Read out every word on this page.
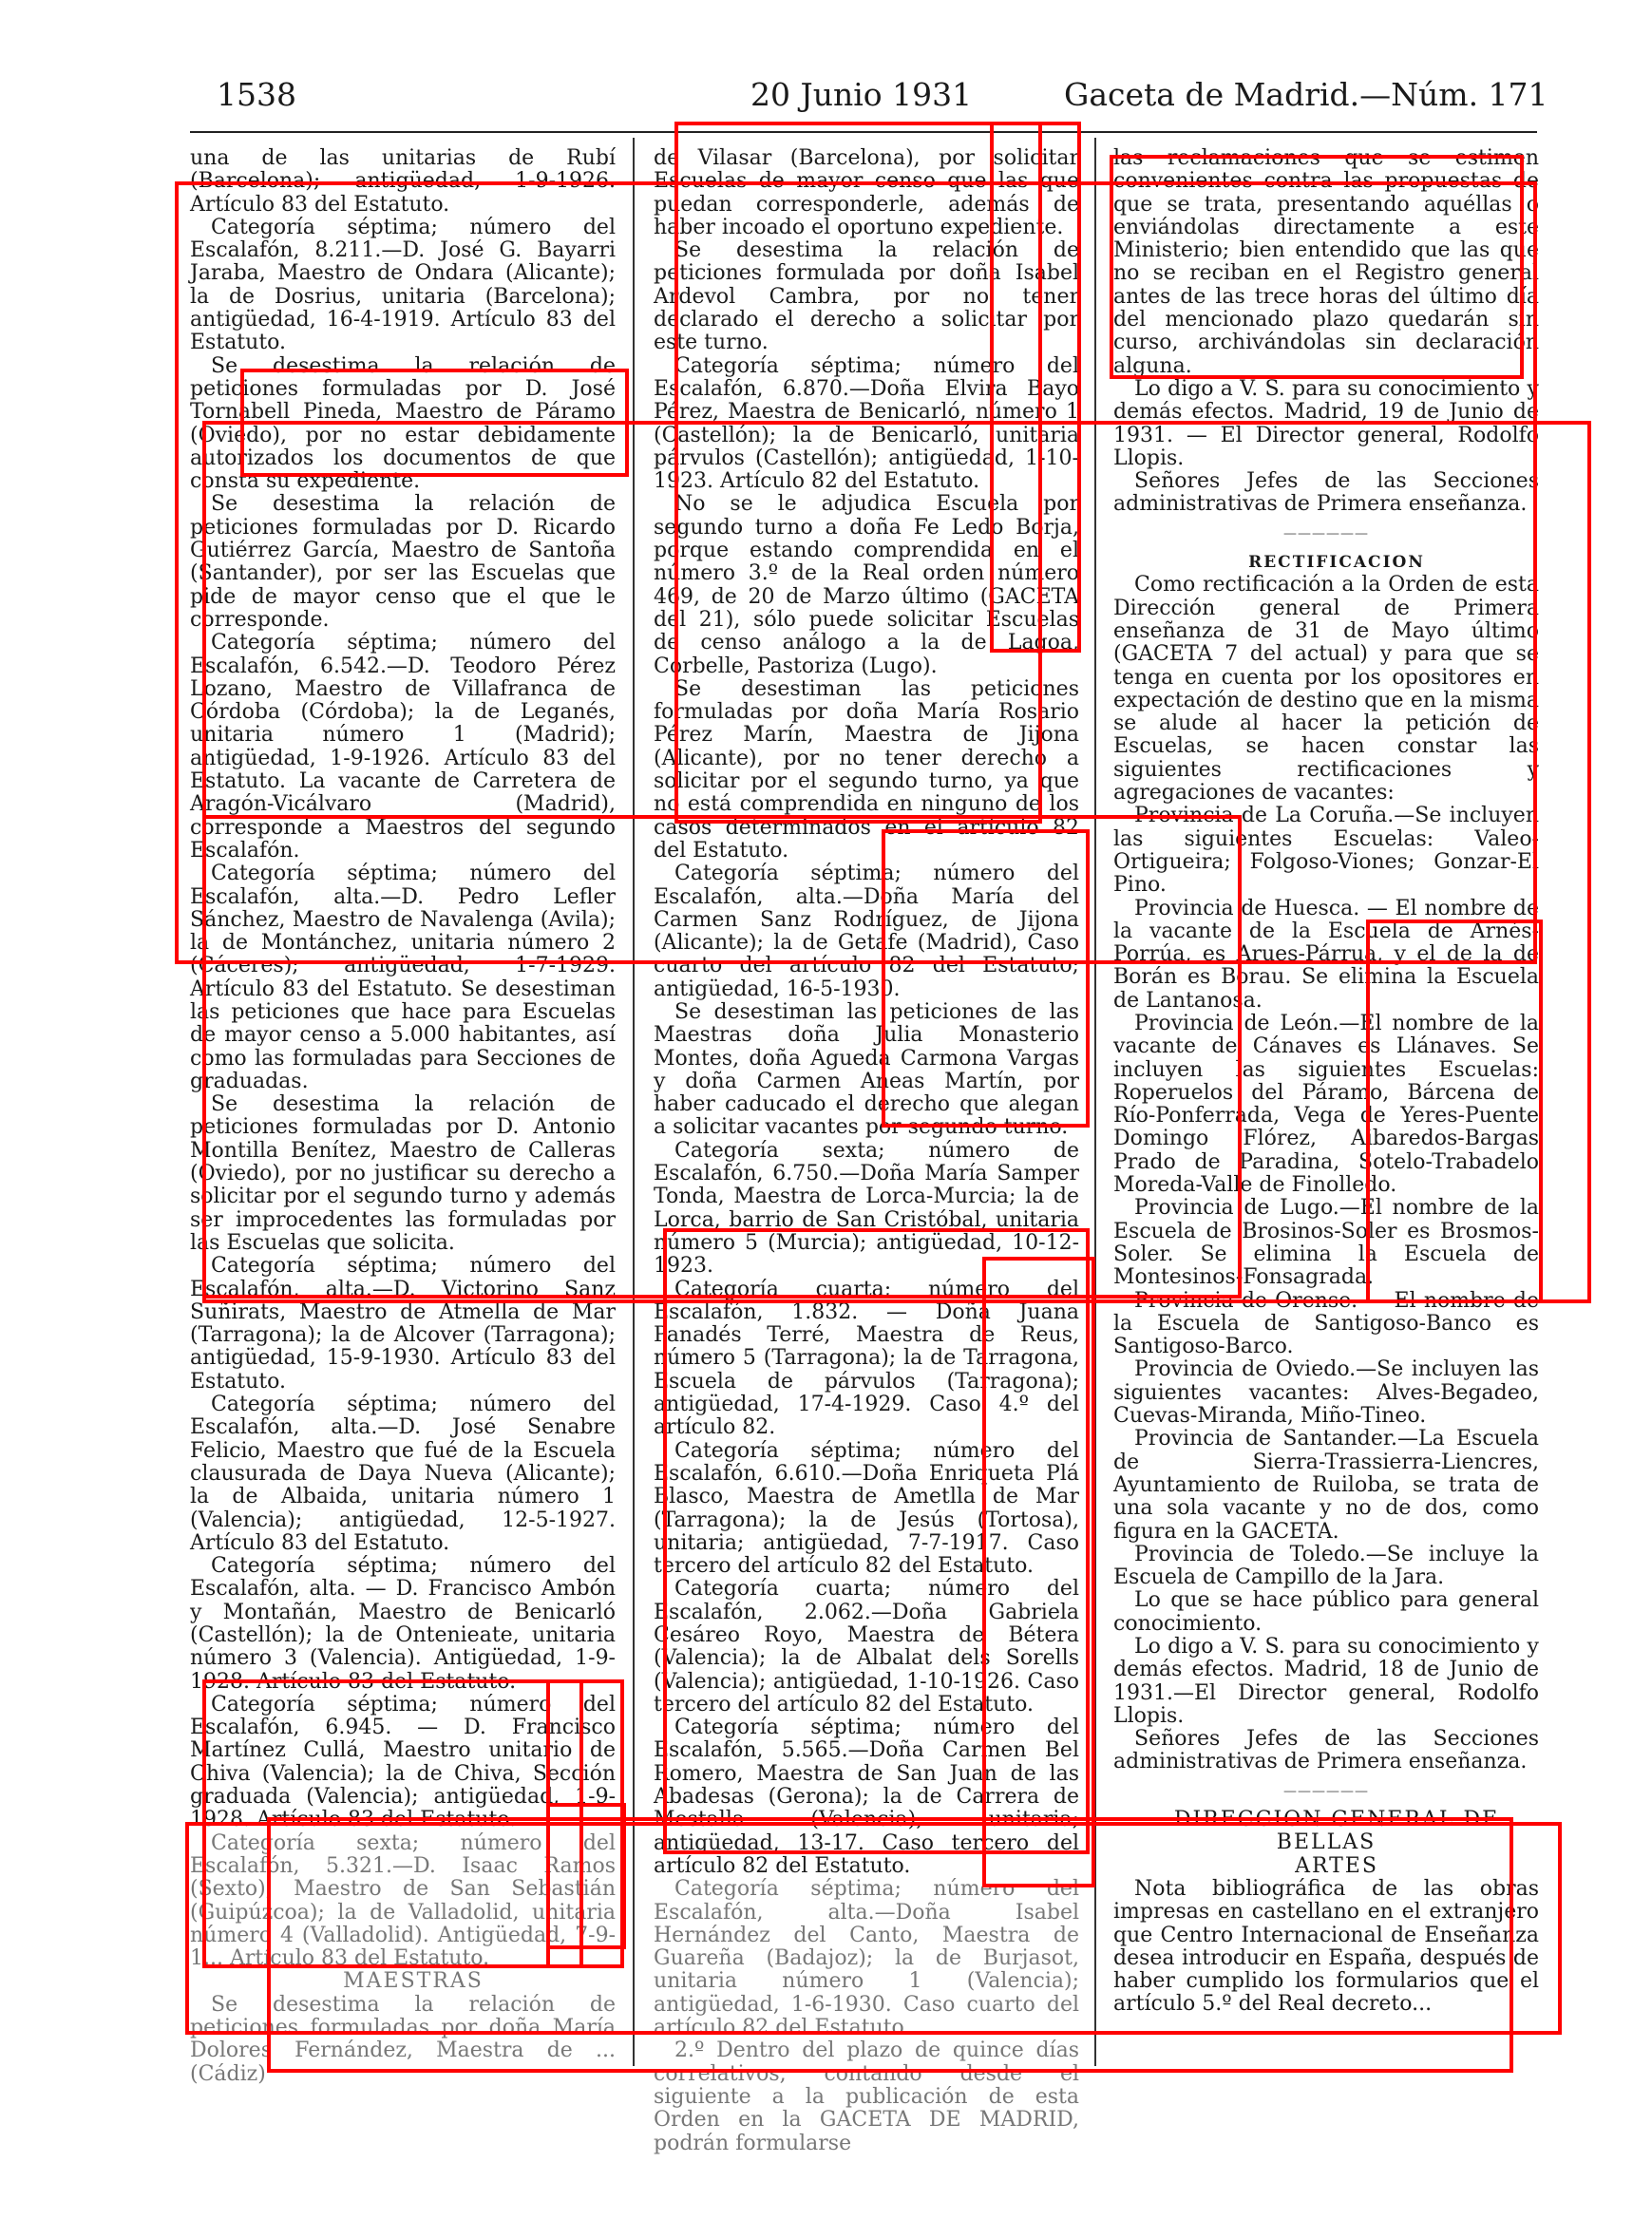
1538	20 Junio 1931	Gaceta de Madrid.—Núm. 171

una de las unitarias de Rubí (Barcelona); antigüedad, 1-9-1926. Artículo 83 del Estatuto.

Categoría séptima; número del Escalafón, 8.211.—D. José G. Bayarri Jaraba, Maestro de Ondara (Alicante); la de Dosrius, unitaria (Barcelona); antigüedad, 16-4-1919. Artículo 83 del Estatuto.

Se desestima la relación de peticiones formuladas por D. José Tornabell Pineda, Maestro de Páramo (Oviedo), por no estar debidamente autorizados los documentos de que consta su expediente.

Se desestima la relación de peticiones formuladas por D. Ricardo Gutiérrez García, Maestro de Santoña (Santander), por ser las Escuelas que pide de mayor censo que el que le corresponde.

Categoría séptima; número del Escalafón, 6.542.—D. Teodoro Pérez Lozano, Maestro de Villafranca de Córdoba (Córdoba); la de Leganés, unitaria número 1 (Madrid); antigüedad, 1-9-1926. Artículo 83 del Estatuto. La vacante de Carretera de Aragón-Vicálvaro (Madrid), corresponde a Maestros del segundo Escalafón.

Categoría séptima; número del Escalafón, alta.—D. Pedro Lefler Sánchez, Maestro de Navalenga (Avila); la de Montánchez, unitaria número 2 (Cáceres); antigüedad, 1-7-1929. Artículo 83 del Estatuto. Se desestiman las peticiones que hace para Escuelas de mayor censo a 5.000 habitantes, así como las formuladas para Secciones de graduadas.

Se desestima la relación de peticiones formuladas por D. Antonio Montilla Benítez, Maestro de Calleras (Oviedo), por no justificar su derecho a solicitar por el segundo turno y además ser improcedentes las formuladas por las Escuelas que solicita.

Categoría séptima; número del Escalafón, alta.—D. Victorino Sanz Suñirats, Maestro de Atmella de Mar (Tarragona); la de Alcover (Tarragona); antigüedad, 15-9-1930. Artículo 83 del Estatuto.

Categoría séptima; número del Escalafón, alta.—D. José Senabre Felicio, Maestro que fué de la Escuela clausurada de Daya Nueva (Alicante); la de Albaida, unitaria número 1 (Valencia); antigüedad, 12-5-1927. Artículo 83 del Estatuto.

Categoría séptima; número del Escalafón, alta. — D. Francisco Ambón y Montañán, Maestro de Benicarló (Castellón); la de Ontenieate, unitaria número 3 (Valencia). Antigüedad, 1-9-1928. Artículo 83 del Estatuto.

Categoría séptima; número del Escalafón, 6.945. — D. Francisco Martínez Cullá, Maestro unitario de Chiva (Valencia); la de Chiva, Sección graduada (Valencia); antigüedad, 1-9-1928. Artículo 83 del Estatuto.

Categoría sexta; número del Escalafón, 5.321.—D. Isaac Ramos (Sexto), Maestro de San Sebastián (Guipúzcoa); la de Valladolid, unitaria número 4 (Valladolid). Antigüedad, 7-9-1... Artículo 83 del Estatuto.

MAESTRAS

Se desestima la relación de peticiones formuladas por doña María Dolores Fernández, Maestra de ... (Cádiz)

de Vilasar (Barcelona), por solicitar Escuelas de mayor censo que las que puedan corresponderle, además de haber incoado el oportuno expediente.

Se desestima la relación de peticiones formulada por doña Isabel Ardevol Cambra, por no tener declarado el derecho a solicitar por este turno.

Categoría séptima; número del Escalafón, 6.870.—Doña Elvira Bayo Pérez, Maestra de Benicarló, número 1 (Castellón); la de Benicarló, unitaria párvulos (Castellón); antigüedad, 1-10-1923. Artículo 82 del Estatuto.

No se le adjudica Escuela por segundo turno a doña Fe Ledo Borja, porque estando comprendida en el número 3.º de la Real orden número 469, de 20 de Marzo último (GACETA del 21), sólo puede solicitar Escuelas de censo análogo a la de Lagoa, Corbelle, Pastoriza (Lugo).

Se desestiman las peticiones formuladas por doña María Rosario Pérez Marín, Maestra de Jijona (Alicante), por no tener derecho a solicitar por el segundo turno, ya que no está comprendida en ninguno de los casos determinados en el artículo 82 del Estatuto.

Categoría séptima; número del Escalafón, alta.—Doña María del Carmen Sanz Rodríguez, de Jijona (Alicante); la de Getafe (Madrid), Caso cuarto del artículo 82 del Estatuto; antigüedad, 16-5-1930.

Se desestiman las peticiones de las Maestras doña Julia Monasterio Montes, doña Agueda Carmona Vargas y doña Carmen Aneas Martín, por haber caducado el derecho que alegan a solicitar vacantes por segundo turno.

Categoría sexta; número de Escalafón, 6.750.—Doña María Samper Tonda, Maestra de Lorca-Murcia; la de Lorca, barrio de San Cristóbal, unitaria número 5 (Murcia); antigüedad, 10-12-1923.

Categoría cuarta; número del Escalafón, 1.832. — Doña Juana Panadés Terré, Maestra de Reus, número 5 (Tarragona); la de Tarragona, Escuela de párvulos (Tarragona); antigüedad, 17-4-1929. Caso 4.º del artículo 82.

Categoría séptima; número del Escalafón, 6.610.—Doña Enriqueta Plá Blasco, Maestra de Ametlla de Mar (Tarragona); la de Jesús (Tortosa), unitaria; antigüedad, 7-7-1917. Caso tercero del artículo 82 del Estatuto.

Categoría cuarta; número del Escalafón, 2.062.—Doña Gabriela Cesáreo Royo, Maestra de Bétera (Valencia); la de Albalat dels Sorells (Valencia); antigüedad, 1-10-1926. Caso tercero del artículo 82 del Estatuto.

Categoría séptima; número del Escalafón, 5.565.—Doña Carmen Bel Romero, Maestra de San Juan de las Abadesas (Gerona); la de Carrera de Mestalla (Valencia), unitaria; antigüedad, 13-17. Caso tercero del artículo 82 del Estatuto.

Categoría séptima; número del Escalafón, alta.—Doña Isabel Hernández del Canto, Maestra de Guareña (Badajoz); la de Burjasot, unitaria número 1 (Valencia); antigüedad, 1-6-1930. Caso cuarto del artículo 82 del Estatuto.

2.º Dentro del plazo de quince días correlativos, contando desde el siguiente a la publicación de esta Orden en la GACETA DE MADRID, podrán formularse

las reclamaciones que se estimen convenientes contra las propuestas de que se trata, presentando aquéllas o enviándolas directamente a este Ministerio; bien entendido que las que no se reciban en el Registro general antes de las trece horas del último día del mencionado plazo quedarán sin curso, archivándolas sin declaración alguna.

Lo digo a V. S. para su conocimiento y demás efectos. Madrid, 19 de Junio de 1931. — El Director general, Rodolfo Llopis.

Señores Jefes de las Secciones administrativas de Primera enseñanza.

——————

RECTIFICACION

Como rectificación a la Orden de esta Dirección general de Primera enseñanza de 31 de Mayo último (GACETA 7 del actual) y para que se tenga en cuenta por los opositores en expectación de destino que en la misma se alude al hacer la petición de Escuelas, se hacen constar las siguientes rectificaciones y agregaciones de vacantes:

Provincia de La Coruña.—Se incluyen las siguientes Escuelas: Valeo-Ortigueira; Folgoso-Viones; Gonzar-El Pino.

Provincia de Huesca. — El nombre de la vacante de la Escuela de Arnés-Porrúa, es Arues-Párrua, y el de la de Borán es Borau. Se elimina la Escuela de Lantanosa.

Provincia de León.—El nombre de la vacante de Cánaves es Llánaves. Se incluyen las siguientes Escuelas: Roperuelos del Páramo, Bárcena de Río-Ponferrada, Vega de Yeres-Puente Domingo Flórez, Aibaredos-Bargas Prado de Paradina, Sotelo-Trabadelo Moreda-Valle de Finolledo.

Provincia de Lugo.—El nombre de la Escuela de Brosinos-Soler es Brosmos-Soler. Se elimina la Escuela de Montesinos-Fonsagrada.

Provincia de Orense. — El nombre de la Escuela de Santigoso-Banco es Santigoso-Barco.

Provincia de Oviedo.—Se incluyen las siguientes vacantes: Alves-Begadeo, Cuevas-Miranda, Miño-Tineo.

Provincia de Santander.—La Escuela de Sierra-Trassierra-Liencres, Ayuntamiento de Ruiloba, se trata de una sola vacante y no de dos, como figura en la GACETA.

Provincia de Toledo.—Se incluye la Escuela de Campillo de la Jara.

Lo que se hace público para general conocimiento.

Lo digo a V. S. para su conocimiento y demás efectos. Madrid, 18 de Junio de 1931.—El Director general, Rodolfo Llopis.

Señores Jefes de las Secciones administrativas de Primera enseñanza.

——————

DIRECCION GENERAL DE BELLAS

ARTES

Nota bibliográfica de las obras impresas en castellano en el extranjero que Centro Internacional de Enseñanza desea introducir en España, después de haber cumplido los formularios que el artículo 5.º del Real decreto...
